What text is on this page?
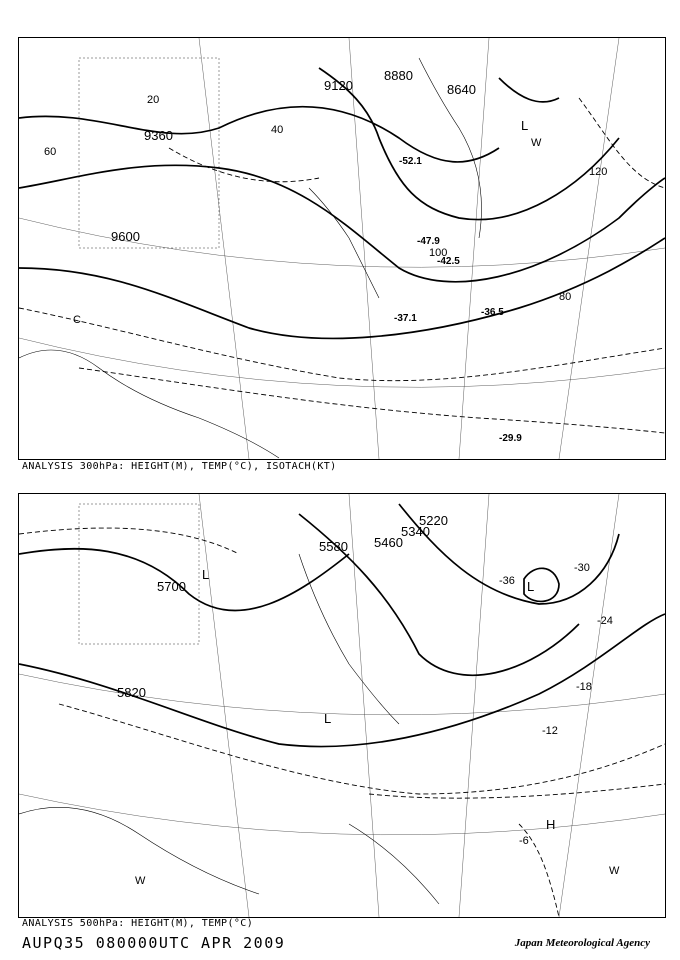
9120
8880
8640
9360
9600
20
40
60
80
100
120
-52.1
-47.9
-42.5
-37.1
-36.5
-29.9
L
C
W
ANALYSIS 300hPa: HEIGHT(M), TEMP(°C), ISOTACH(KT)
5700
5820
5580 5460
5340
5220
-30
-36
-24
-18
-12
-6
L
L
H
W
W
L
ANALYSIS 500hPa: HEIGHT(M), TEMP(°C)
AUPQ35 080000UTC APR 2009	Japan Meteorological Agency
